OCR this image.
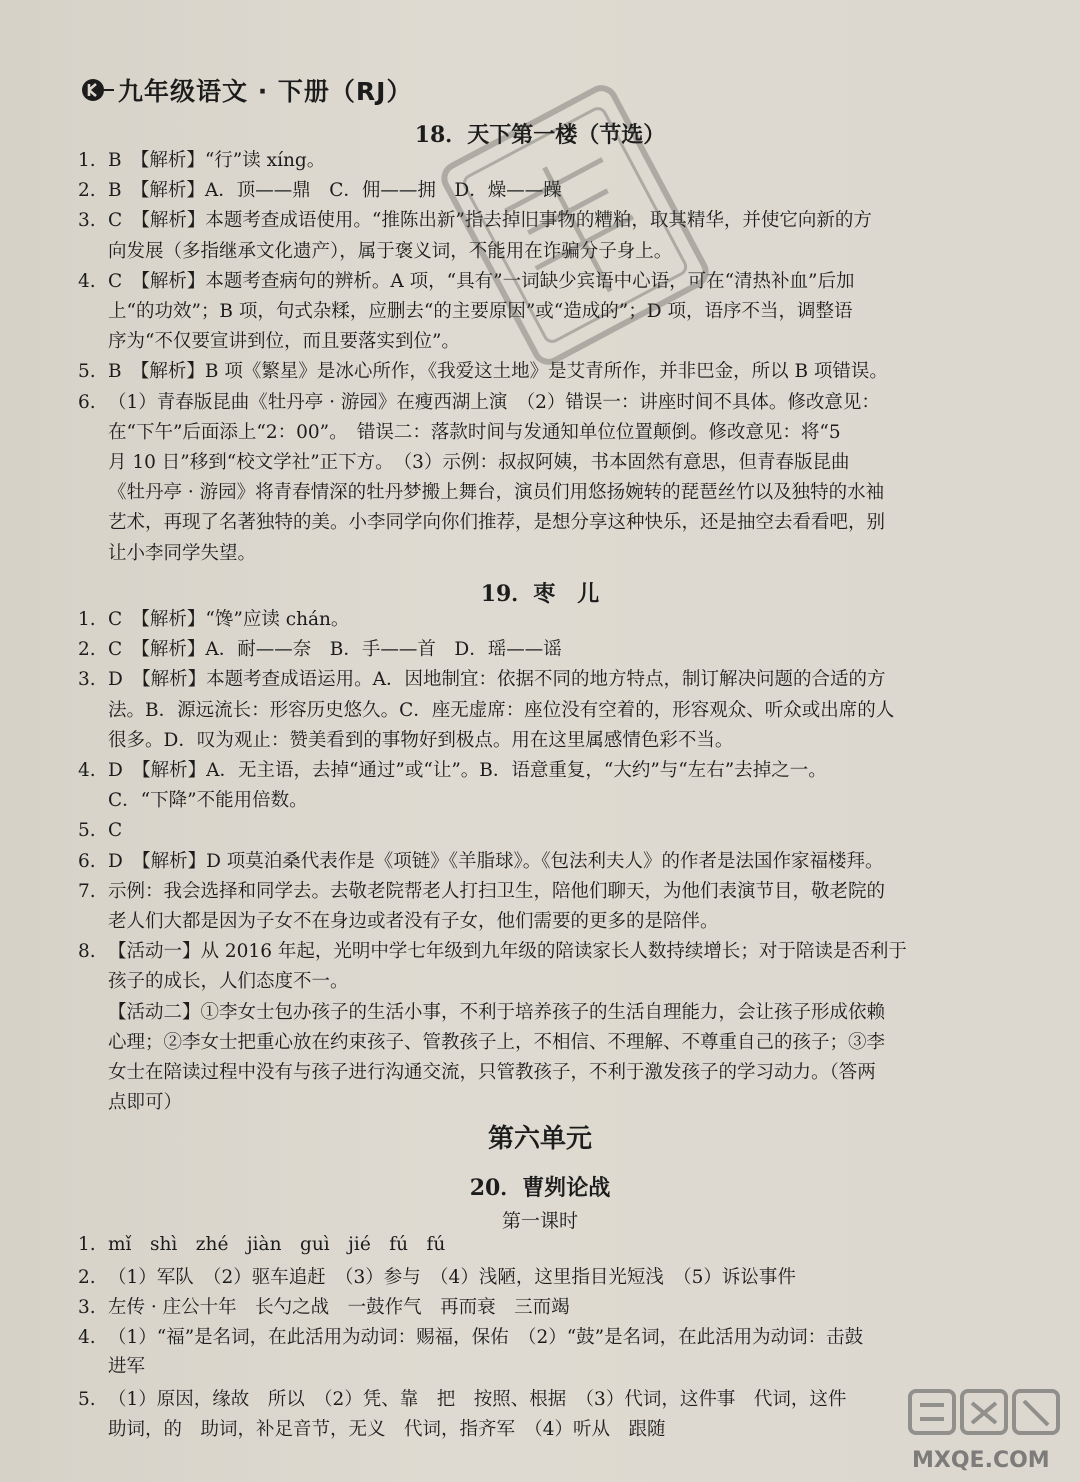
九年级语文 · 下册（RJ）
18．天下第一楼（节选）
1. B　【解析】“行”读 xíng。
2. B　【解析】A．顶——鼎　C．佣——拥　D．燥——躁
3. C　【解析】本题考查成语使用。“推陈出新”指去掉旧事物的糟粕，取其精华，并使它向新的方
向发展（多指继承文化遗产），属于褒义词，不能用在诈骗分子身上。
4. C　【解析】本题考查病句的辨析。A 项，“具有”一词缺少宾语中心语，可在“清热补血”后加
上“的功效”；B 项，句式杂糅，应删去“的主要原因”或“造成的”；D 项，语序不当，调整语
序为“不仅要宣讲到位，而且要落实到位”。
5. B　【解析】B 项《繁星》是冰心所作，《我爱这土地》是艾青所作，并非巴金，所以 B 项错误。
6. （1）青春版昆曲《牡丹亭 · 游园》在瘦西湖上演　（2）错误一：讲座时间不具体。修改意见：
在“下午”后面添上“2：00”。　错误二：落款时间与发通知单位位置颠倒。修改意见：将“5
月 10 日”移到“校文学社”正下方。　（3）示例：叔叔阿姨，书本固然有意思，但青春版昆曲
《牡丹亭 · 游园》将青春情深的牡丹梦搬上舞台，演员们用悠扬婉转的琵琶丝竹以及独特的水袖
艺术，再现了名著独特的美。小李同学向你们推荐，是想分享这种快乐，还是抽空去看看吧，别
让小李同学失望。
19．枣　儿
1. C　【解析】“馋”应读 chán。
2. C　【解析】A．耐——奈　B．手——首　D．瑶——谣
3. D　【解析】本题考查成语运用。A．因地制宜：依据不同的地方特点，制订解决问题的合适的方
法。B．源远流长：形容历史悠久。C．座无虚席：座位没有空着的，形容观众、听众或出席的人
很多。D．叹为观止：赞美看到的事物好到极点。用在这里属感情色彩不当。
4. D　【解析】A．无主语，去掉“通过”或“让”。B．语意重复，“大约”与“左右”去掉之一。
C．“下降”不能用倍数。
5. C
6. D　【解析】D 项莫泊桑代表作是《项链》《羊脂球》。《包法利夫人》的作者是法国作家福楼拜。
7. 示例：我会选择和同学去。去敬老院帮老人打扫卫生，陪他们聊天，为他们表演节目，敬老院的
老人们大都是因为子女不在身边或者没有子女，他们需要的更多的是陪伴。
8. 【活动一】从 2016 年起，光明中学七年级到九年级的陪读家长人数持续增长；对于陪读是否利于
孩子的成长，人们态度不一。
【活动二】①李女士包办孩子的生活小事，不利于培养孩子的生活自理能力，会让孩子形成依赖
心理；②李女士把重心放在约束孩子、管教孩子上，不相信、不理解、不尊重自己的孩子；③李
女士在陪读过程中没有与孩子进行沟通交流，只管教孩子，不利于激发孩子的学习动力。（答两
点即可）
第六单元
20．曹刿论战
第一课时
1. mǐ　shì　zhé　jiàn　guì　jié　fú　fú
2. （1）军队　（2）驱车追赶　（3）参与　（4）浅陋，这里指目光短浅　（5）诉讼事件
3. 左传 · 庄公十年　长勺之战　一鼓作气　再而衰　三而竭
4. （1）“福”是名词，在此活用为动词：赐福，保佑　（2）“鼓”是名词，在此活用为动词：击鼓
进军
5. （1）原因，缘故　所以　（2）凭、靠　把　按照、根据　（3）代词，这件事　代词，这件
助词，的　助词，补足音节，无义　代词，指齐军　（4）听从　跟随
MXQE.COM
